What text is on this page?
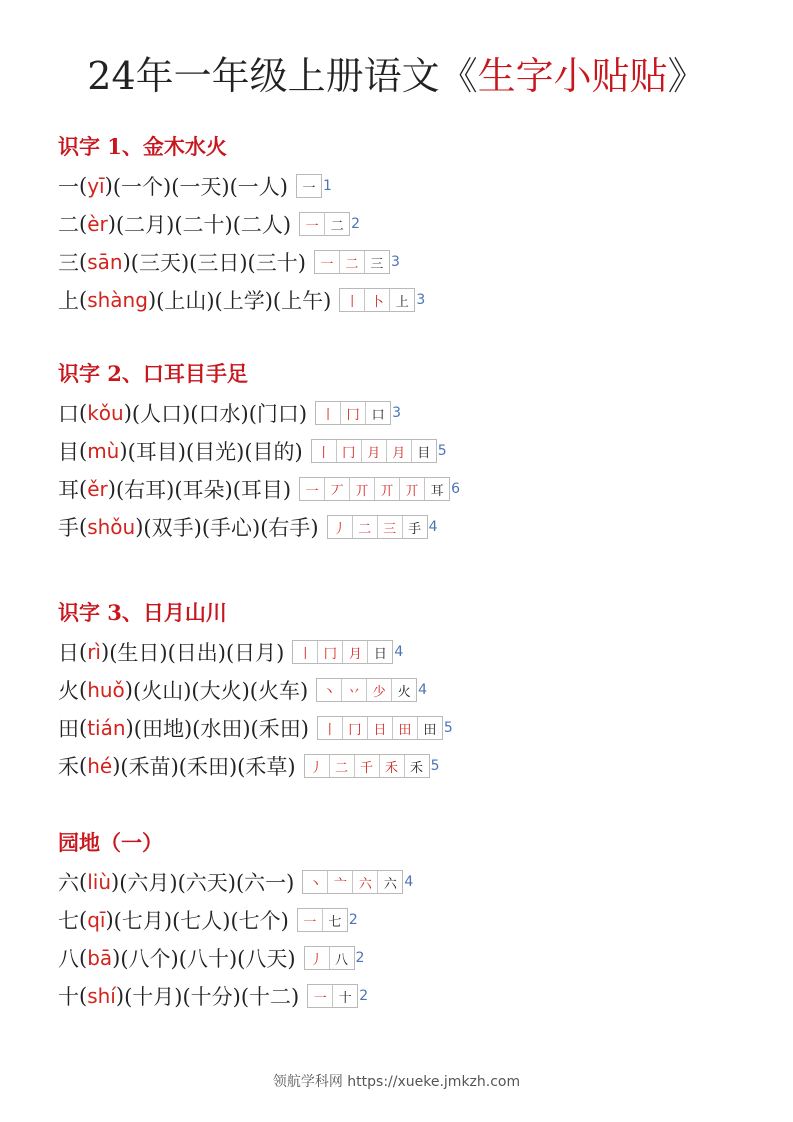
24年一年级上册语文《生字小贴贴》
识字 1、金木水火
一 ( yī ) (一个) (一天) (一人) 一 1
二 ( èr ) (二月) (二十) (二人) 一 二 2
三 ( sān ) (三天) (三日) (三十) 一 二 三 3
上 ( shàng ) (上山) (上学) (上午) 丨 卜 上 3
识字 2、口耳目手足
口 ( kǒu ) (人口) (口水) (门口) 丨 冂 口 3
目 ( mù ) (耳目) (目光) (目的) 丨 冂 月 月 目 5
耳 ( ěr ) (右耳) (耳朵) (耳目) 一 丆 丌 丌 丌 耳 6
手 ( shǒu ) (双手) (手心) (右手) 丿 二 三 手 4
识字 3、日月山川
日 ( rì ) (生日) (日出) (日月) 丨 冂 月 日 4
火 ( huǒ ) (火山) (大火) (火车) 丶 丷 少 火 4
田 ( tián ) (田地) (水田) (禾田) 丨 冂 日 田 田 5
禾 ( hé ) (禾苗) (禾田) (禾草) 丿 二 千 禾 禾 5
园地（一）
六 ( liù ) (六月) (六天) (六一) 丶 亠 六 六 4
七 ( qī ) (七月) (七人) (七个) 一 七 2
八 ( bā ) (八个) (八十) (八天) 丿 八 2
十 ( shí ) (十月) (十分) (十二) 一 十 2
领航学科网 https://xueke.jmkzh.com
